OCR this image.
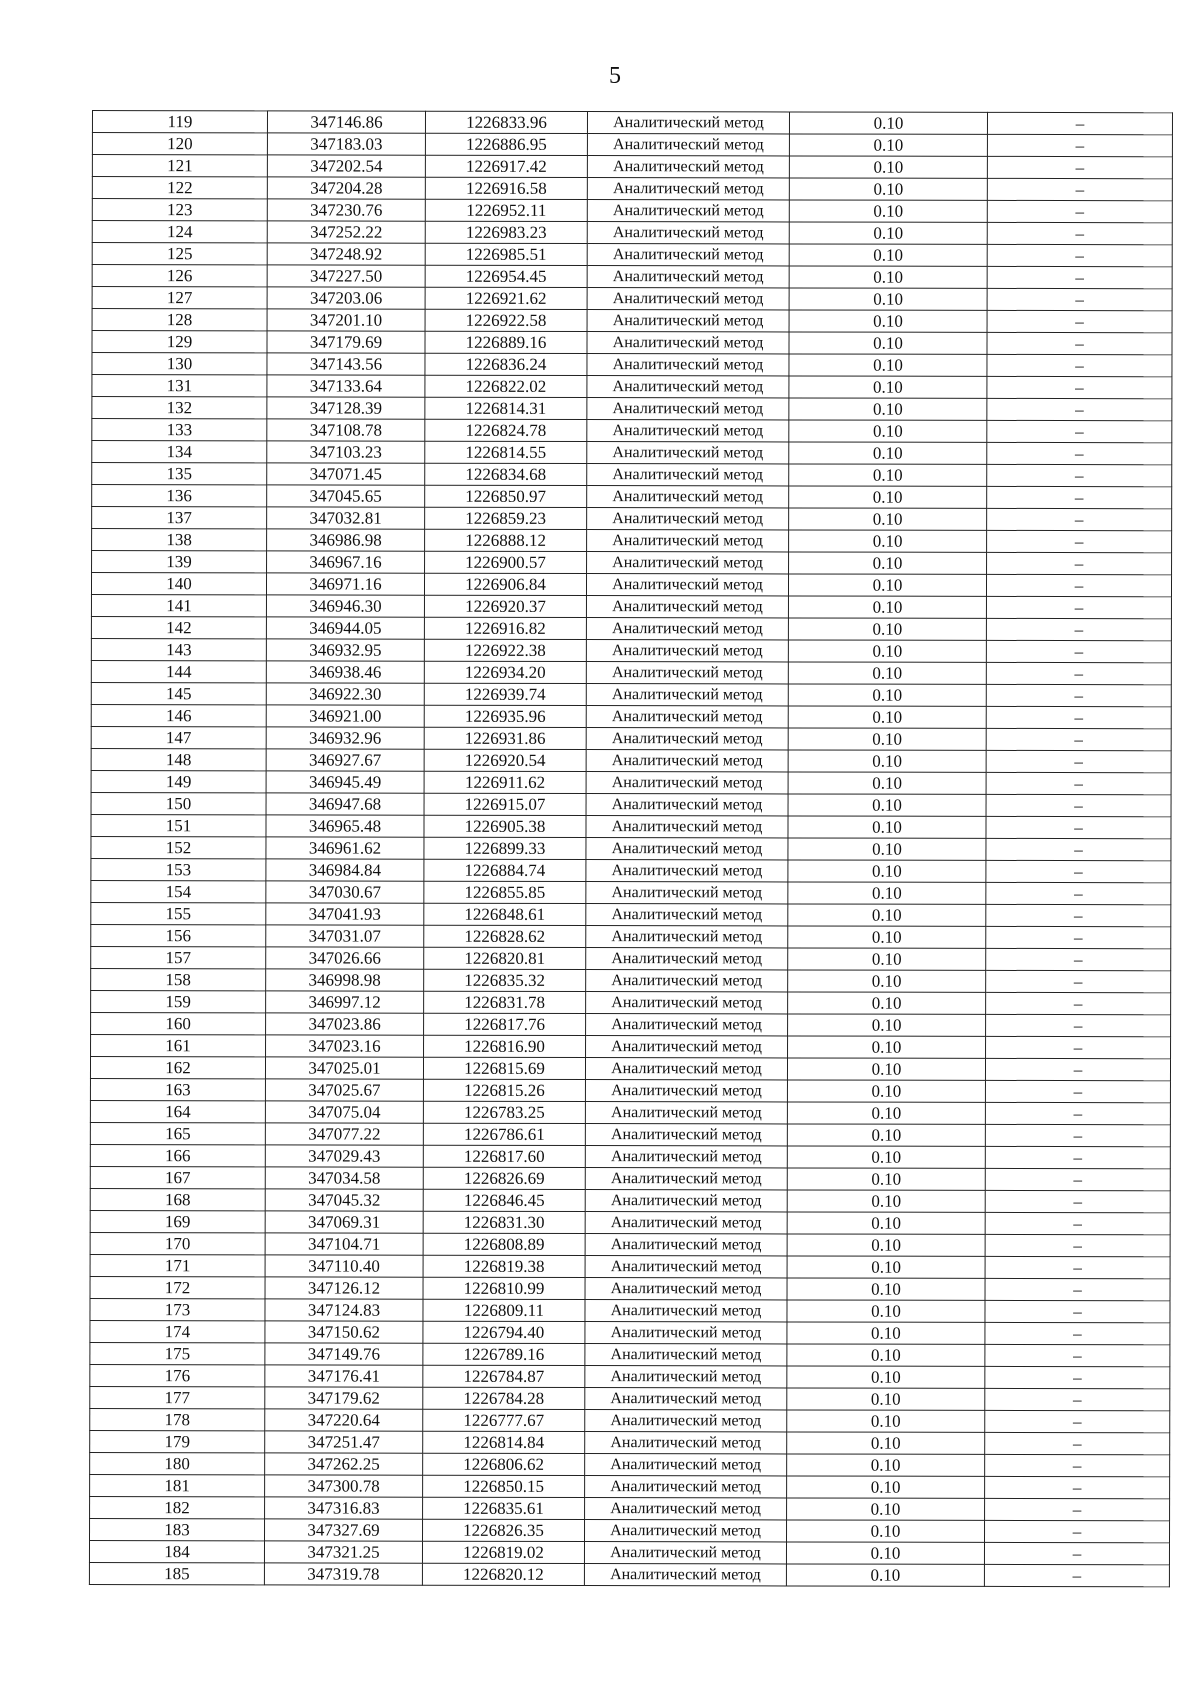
5
119	347146.86	1226833.96	Аналитический метод	0.10	–
120	347183.03	1226886.95	Аналитический метод	0.10	–
121	347202.54	1226917.42	Аналитический метод	0.10	–
122	347204.28	1226916.58	Аналитический метод	0.10	–
123	347230.76	1226952.11	Аналитический метод	0.10	–
124	347252.22	1226983.23	Аналитический метод	0.10	–
125	347248.92	1226985.51	Аналитический метод	0.10	–
126	347227.50	1226954.45	Аналитический метод	0.10	–
127	347203.06	1226921.62	Аналитический метод	0.10	–
128	347201.10	1226922.58	Аналитический метод	0.10	–
129	347179.69	1226889.16	Аналитический метод	0.10	–
130	347143.56	1226836.24	Аналитический метод	0.10	–
131	347133.64	1226822.02	Аналитический метод	0.10	–
132	347128.39	1226814.31	Аналитический метод	0.10	–
133	347108.78	1226824.78	Аналитический метод	0.10	–
134	347103.23	1226814.55	Аналитический метод	0.10	–
135	347071.45	1226834.68	Аналитический метод	0.10	–
136	347045.65	1226850.97	Аналитический метод	0.10	–
137	347032.81	1226859.23	Аналитический метод	0.10	–
138	346986.98	1226888.12	Аналитический метод	0.10	–
139	346967.16	1226900.57	Аналитический метод	0.10	–
140	346971.16	1226906.84	Аналитический метод	0.10	–
141	346946.30	1226920.37	Аналитический метод	0.10	–
142	346944.05	1226916.82	Аналитический метод	0.10	–
143	346932.95	1226922.38	Аналитический метод	0.10	–
144	346938.46	1226934.20	Аналитический метод	0.10	–
145	346922.30	1226939.74	Аналитический метод	0.10	–
146	346921.00	1226935.96	Аналитический метод	0.10	–
147	346932.96	1226931.86	Аналитический метод	0.10	–
148	346927.67	1226920.54	Аналитический метод	0.10	–
149	346945.49	1226911.62	Аналитический метод	0.10	–
150	346947.68	1226915.07	Аналитический метод	0.10	–
151	346965.48	1226905.38	Аналитический метод	0.10	–
152	346961.62	1226899.33	Аналитический метод	0.10	–
153	346984.84	1226884.74	Аналитический метод	0.10	–
154	347030.67	1226855.85	Аналитический метод	0.10	–
155	347041.93	1226848.61	Аналитический метод	0.10	–
156	347031.07	1226828.62	Аналитический метод	0.10	–
157	347026.66	1226820.81	Аналитический метод	0.10	–
158	346998.98	1226835.32	Аналитический метод	0.10	–
159	346997.12	1226831.78	Аналитический метод	0.10	–
160	347023.86	1226817.76	Аналитический метод	0.10	–
161	347023.16	1226816.90	Аналитический метод	0.10	–
162	347025.01	1226815.69	Аналитический метод	0.10	–
163	347025.67	1226815.26	Аналитический метод	0.10	–
164	347075.04	1226783.25	Аналитический метод	0.10	–
165	347077.22	1226786.61	Аналитический метод	0.10	–
166	347029.43	1226817.60	Аналитический метод	0.10	–
167	347034.58	1226826.69	Аналитический метод	0.10	–
168	347045.32	1226846.45	Аналитический метод	0.10	–
169	347069.31	1226831.30	Аналитический метод	0.10	–
170	347104.71	1226808.89	Аналитический метод	0.10	–
171	347110.40	1226819.38	Аналитический метод	0.10	–
172	347126.12	1226810.99	Аналитический метод	0.10	–
173	347124.83	1226809.11	Аналитический метод	0.10	–
174	347150.62	1226794.40	Аналитический метод	0.10	–
175	347149.76	1226789.16	Аналитический метод	0.10	–
176	347176.41	1226784.87	Аналитический метод	0.10	–
177	347179.62	1226784.28	Аналитический метод	0.10	–
178	347220.64	1226777.67	Аналитический метод	0.10	–
179	347251.47	1226814.84	Аналитический метод	0.10	–
180	347262.25	1226806.62	Аналитический метод	0.10	–
181	347300.78	1226850.15	Аналитический метод	0.10	–
182	347316.83	1226835.61	Аналитический метод	0.10	–
183	347327.69	1226826.35	Аналитический метод	0.10	–
184	347321.25	1226819.02	Аналитический метод	0.10	–
185	347319.78	1226820.12	Аналитический метод	0.10	–
